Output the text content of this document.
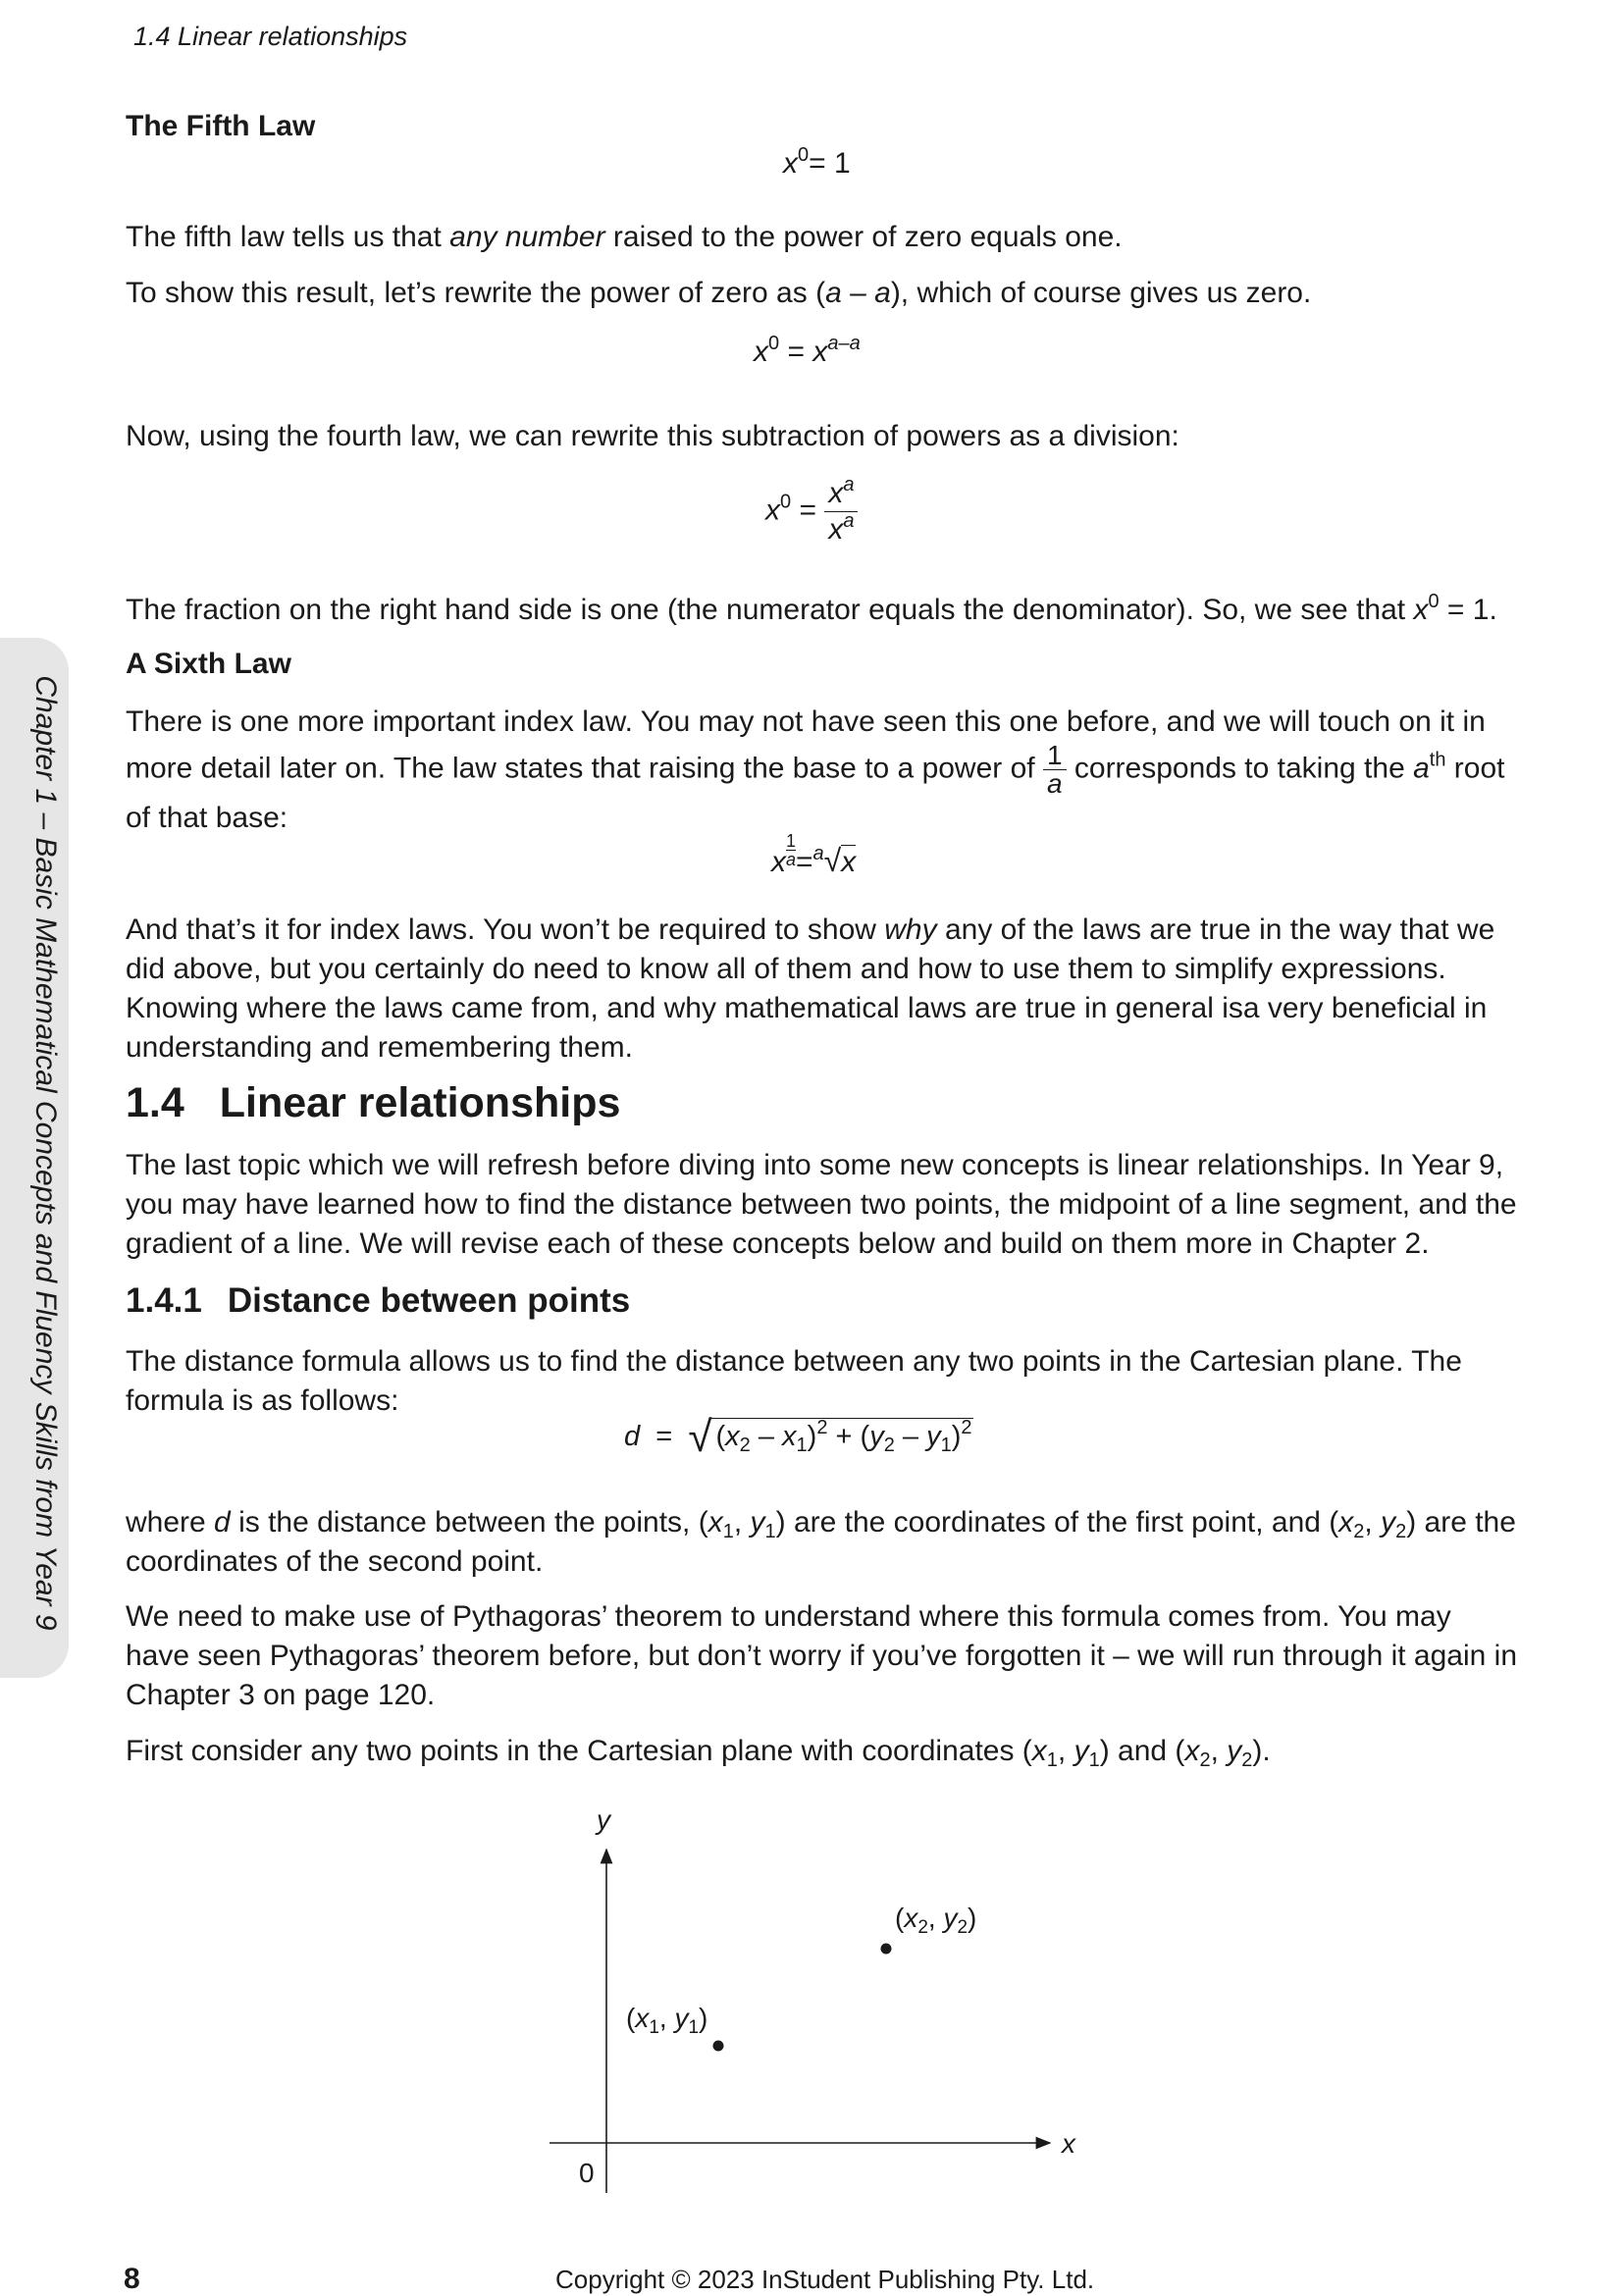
1.4 Linear relationships
Chapter 1 – Basic Mathematical Concepts and Fluency Skills from Year 9
The Fifth Law
$x^0= 1$
The fifth law tells us that any number raised to the power of zero equals one.
To show this result, let’s rewrite the power of zero as (a – a), which of course gives us zero.
$x^0 = x^{a-a}$
Now, using the fourth law, we can rewrite this subtraction of powers as a division:
$x^0 = \frac{x^a}{x^a}$
The fraction on the right hand side is one (the numerator equals the denominator). So, we see that $x^0 = 1$.
A Sixth Law
There is one more important index law. You may not have seen this one before, and we will touch on it in more detail later on. The law states that raising the base to a power of $\frac{1}{a}$ corresponds to taking the $a^{th}$ root of that base:
x $\frac{1}{a} =^a√x$
And that’s it for index laws. You won’t be required to show why any of the laws are true in the way that we did above, but you certainly do need to know all of them and how to use them to simplify expressions. Knowing where the laws came from, and why mathematical laws are true in general isa very beneficial in understanding and remembering them.
1.4 Linear relationships
The last topic which we will refresh before diving into some new concepts is linear relationships. In Year 9, you may have learned how to find the distance between two points, the midpoint of a line segment, and the gradient of a line. We will revise each of these concepts below and build on them more in Chapter 2.
1.4.1 Distance between points
The distance formula allows us to find the distance between any two points in the Cartesian plane. The formula is as follows:
d = √ $(x_2 - x_1)^2 + (y_2 - y_1)^2$
where d is the distance between the points, ($x_1$, $y_1$) are the coordinates of the first point, and ($x_2$, $y_2$) are the coordinates of the second point.
We need to make use of Pythagoras’ theorem to understand where this formula comes from. You may have seen Pythagoras’ theorem before, but don’t worry if you’ve forgotten it – we will run through it again in Chapter 3 on page 120.
First consider any two points in the Cartesian plane with coordinates ($x_1$, $y_1$) and ($x_2$, $y_2$).
y
x
0
($x_1$, $y_1$)
($x_2$, $y_2$)
8	Copyright © 2023 InStudent Publishing Pty. Ltd.
